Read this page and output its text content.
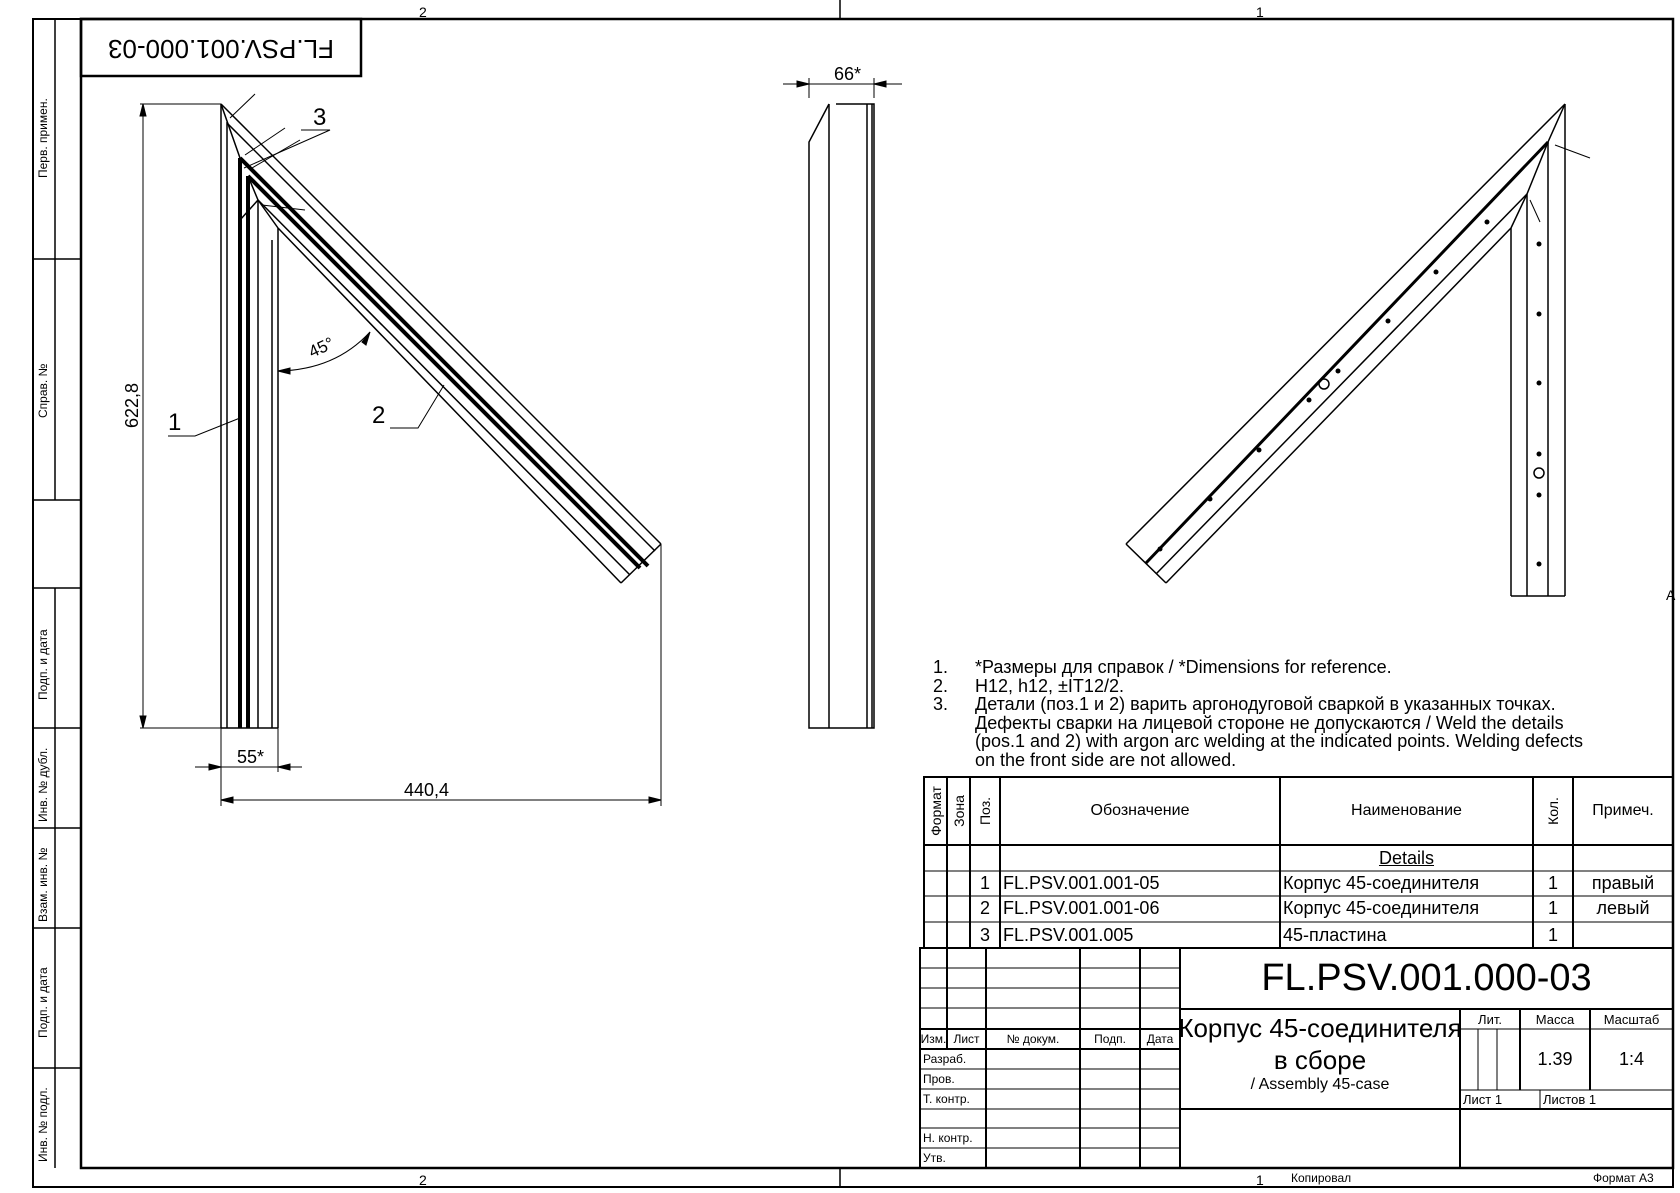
2	1
2	1
A
Перв. примен.
Справ. №
Подп. и дата
Инв. № дубл.
Взам. инв. №
Подп. и дата
Инв. № подл.
FL.PSV.001.000-03
622,8
55*
440,4
45°
1	2
3
66*
1.	*Размеры для справок / *Dimensions for reference.
2.	H12, h12, ±IT12/2.
3.	Детали (поз.1 и 2) варить аргонодуговой сваркой в указанных точках.
Дефекты сварки на лицевой стороне не допускаются / Weld the details
(pos.1 and 2) with argon arc welding at the indicated points. Welding defects
on the front side are not allowed.
Формат Зона Поз.	Обозначение	Наименование	Кол.	Примеч.
Details
1 FL.PSV.001.001-05	Корпус 45-соединителя	1	правый
2 FL.PSV.001.001-06	Корпус 45-соединителя	1	левый
3 FL.PSV.001.005	45-пластина	1
FL.PSV.001.000-03
Корпус 45-соединителя
в сборе
/ Assembly 45-case
Лит.	Масса	Масштаб
1.39	1:4
Лист 1	Листов 1
Изм. Лист	№ докум.	Подп.	Дата
Разраб.
Пров.
Т. контр.
Н. контр.
Утв.
Копировал	Формат A3
